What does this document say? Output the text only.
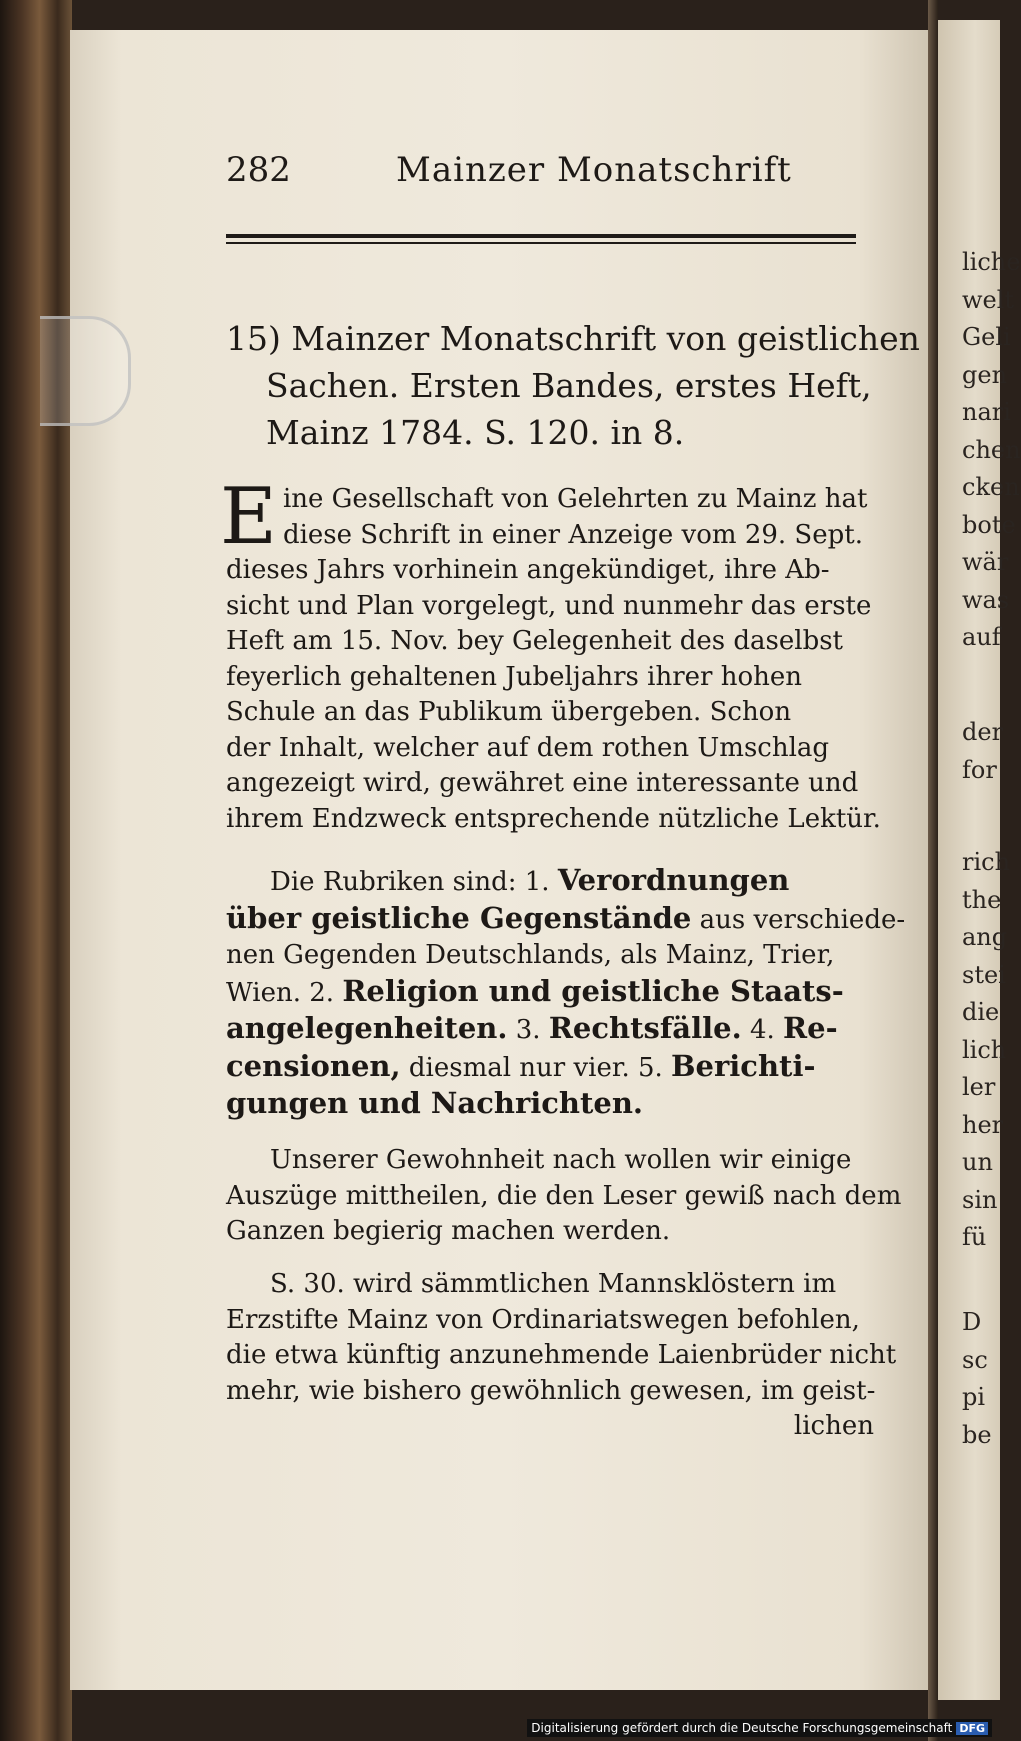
liche
welt
Geli
gen
nari
chen
cken
bote
wär
was
auf
der
for
rich
the
ang
stei
die
lich
ler
her
un
sin
fü
D
sc
pi
be
282	Mainzer Monatschrift
15) Mainzer Monatschrift von geistlichen
Sachen. Ersten Bandes, erstes Heft,
Mainz 1784. S. 120. in 8.
E ine Gesellschaft von Gelehrten zu Mainz hat
diese Schrift in einer Anzeige vom 29. Sept.
dieses Jahrs vorhinein angekündiget, ihre Ab-
sicht und Plan vorgelegt, und nunmehr das erste
Heft am 15. Nov. bey Gelegenheit des daselbst
feyerlich gehaltenen Jubeljahrs ihrer hohen
Schule an das Publikum übergeben. Schon
der Inhalt, welcher auf dem rothen Umschlag
angezeigt wird, gewähret eine interessante und
ihrem Endzweck entsprechende nützliche Lektür.
Die Rubriken sind: 1. Verordnungen
über geistliche Gegenstände aus verschiede-
nen Gegenden Deutschlands, als Mainz, Trier,
Wien. 2. Religion und geistliche Staats-
angelegenheiten. 3. Rechtsfälle. 4. Re-
censionen, diesmal nur vier. 5. Berichti-
gungen und Nachrichten.
Unserer Gewohnheit nach wollen wir einige
Auszüge mittheilen, die den Leser gewiß nach dem
Ganzen begierig machen werden.
S. 30. wird sämmtlichen Mannsklöstern im
Erzstifte Mainz von Ordinariatswegen befohlen,
die etwa künftig anzunehmende Laienbrüder nicht
mehr, wie bishero gewöhnlich gewesen, im geist-
lichen
Digitalisierung gefördert durch die Deutsche Forschungsgemeinschaft DFG
